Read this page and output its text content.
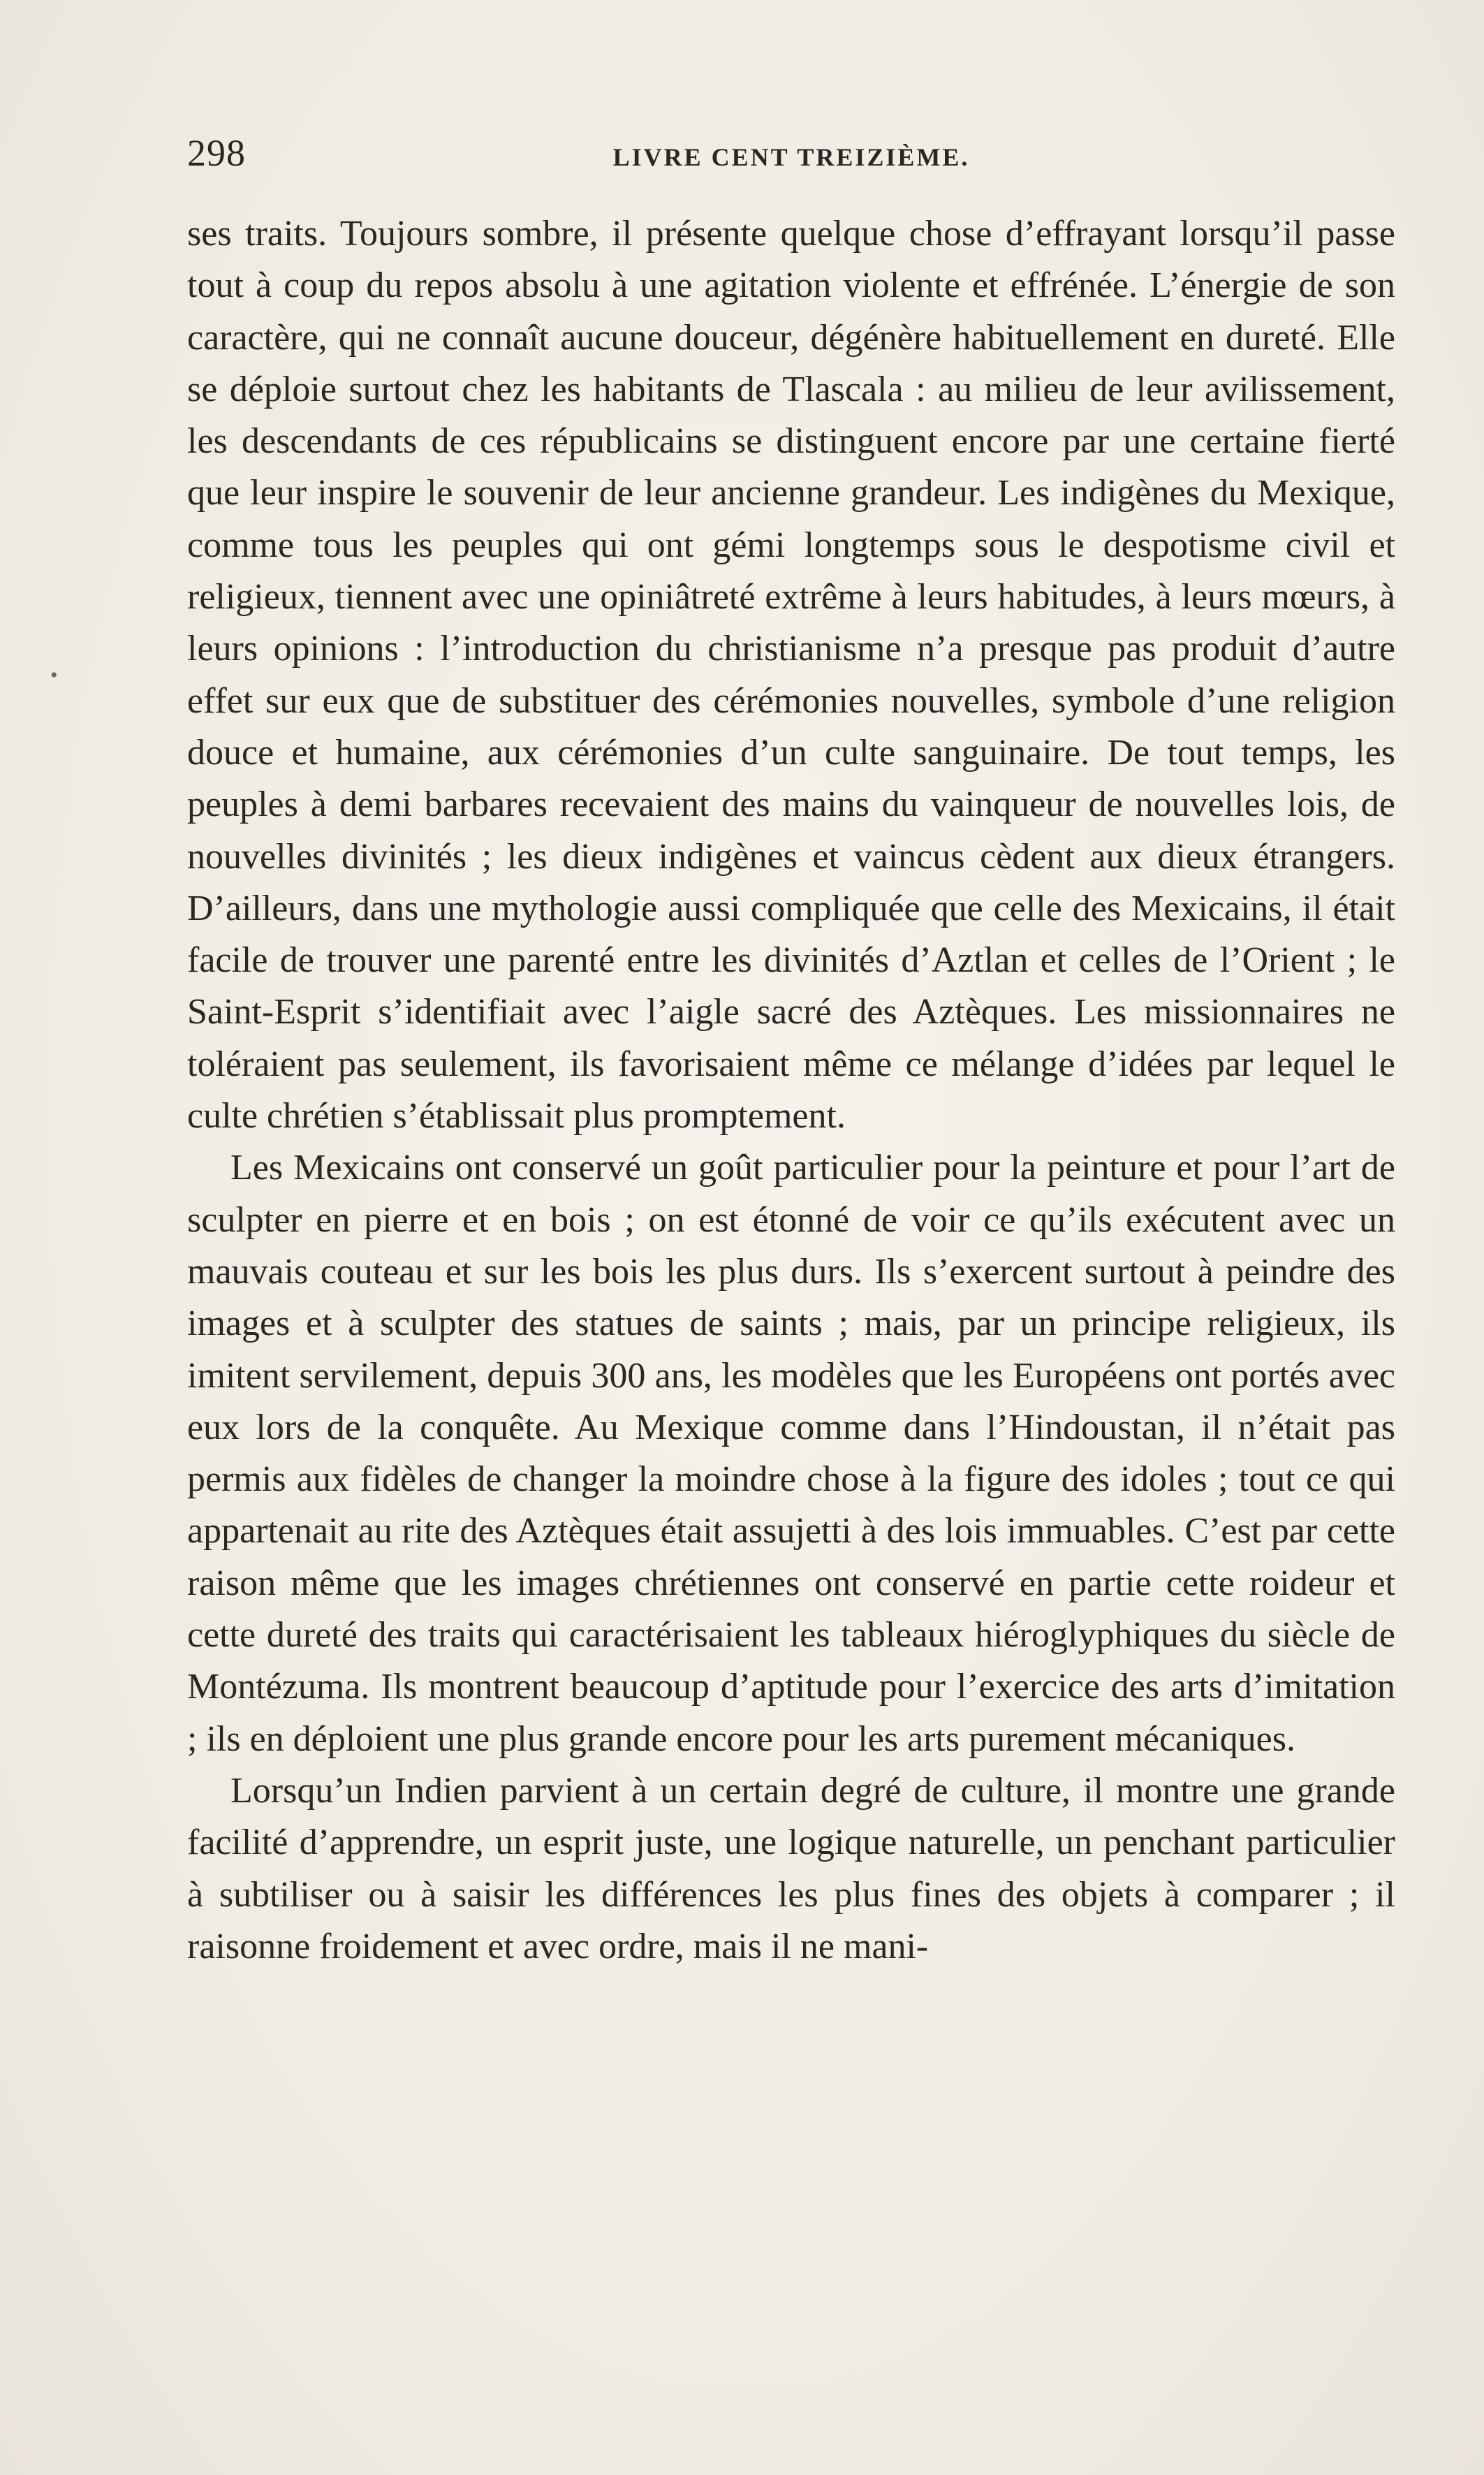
298	LIVRE CENT TREIZIÈME.
•

ses traits. Toujours sombre, il présente quelque chose d’effrayant lorsqu’il passe tout à coup du repos absolu à une agitation violente et effrénée. L’énergie de son caractère, qui ne connaît aucune douceur, dégénère habituellement en dureté. Elle se déploie surtout chez les habitants de Tlascala : au milieu de leur avilissement, les descendants de ces républicains se distinguent encore par une certaine fierté que leur inspire le souvenir de leur ancienne grandeur. Les indigènes du Mexique, comme tous les peuples qui ont gémi longtemps sous le despotisme civil et religieux, tiennent avec une opiniâtreté extrême à leurs habitudes, à leurs mœurs, à leurs opinions : l’introduction du christianisme n’a presque pas produit d’autre effet sur eux que de substituer des cérémonies nouvelles, symbole d’une religion douce et humaine, aux cérémonies d’un culte sanguinaire. De tout temps, les peuples à demi barbares recevaient des mains du vainqueur de nouvelles lois, de nouvelles divinités ; les dieux indigènes et vaincus cèdent aux dieux étrangers. D’ailleurs, dans une mythologie aussi compliquée que celle des Mexicains, il était facile de trouver une parenté entre les divinités d’Aztlan et celles de l’Orient ; le Saint-Esprit s’identifiait avec l’aigle sacré des Aztèques. Les missionnaires ne toléraient pas seulement, ils favorisaient même ce mélange d’idées par lequel le culte chrétien s’établissait plus promptement.

Les Mexicains ont conservé un goût particulier pour la peinture et pour l’art de sculpter en pierre et en bois ; on est étonné de voir ce qu’ils exécutent avec un mauvais couteau et sur les bois les plus durs. Ils s’exercent surtout à peindre des images et à sculpter des statues de saints ; mais, par un principe religieux, ils imitent servilement, depuis 300 ans, les modèles que les Européens ont portés avec eux lors de la conquête. Au Mexique comme dans l’Hindoustan, il n’était pas permis aux fidèles de changer la moindre chose à la figure des idoles ; tout ce qui appartenait au rite des Aztèques était assujetti à des lois immuables. C’est par cette raison même que les images chrétiennes ont conservé en partie cette roideur et cette dureté des traits qui caractérisaient les tableaux hiéroglyphiques du siècle de Montézuma. Ils montrent beaucoup d’aptitude pour l’exercice des arts d’imitation ; ils en déploient une plus grande encore pour les arts purement mécaniques.

Lorsqu’un Indien parvient à un certain degré de culture, il montre une grande facilité d’apprendre, un esprit juste, une logique naturelle, un penchant particulier à subtiliser ou à saisir les différences les plus fines des objets à comparer ; il raisonne froidement et avec ordre, mais il ne mani-
